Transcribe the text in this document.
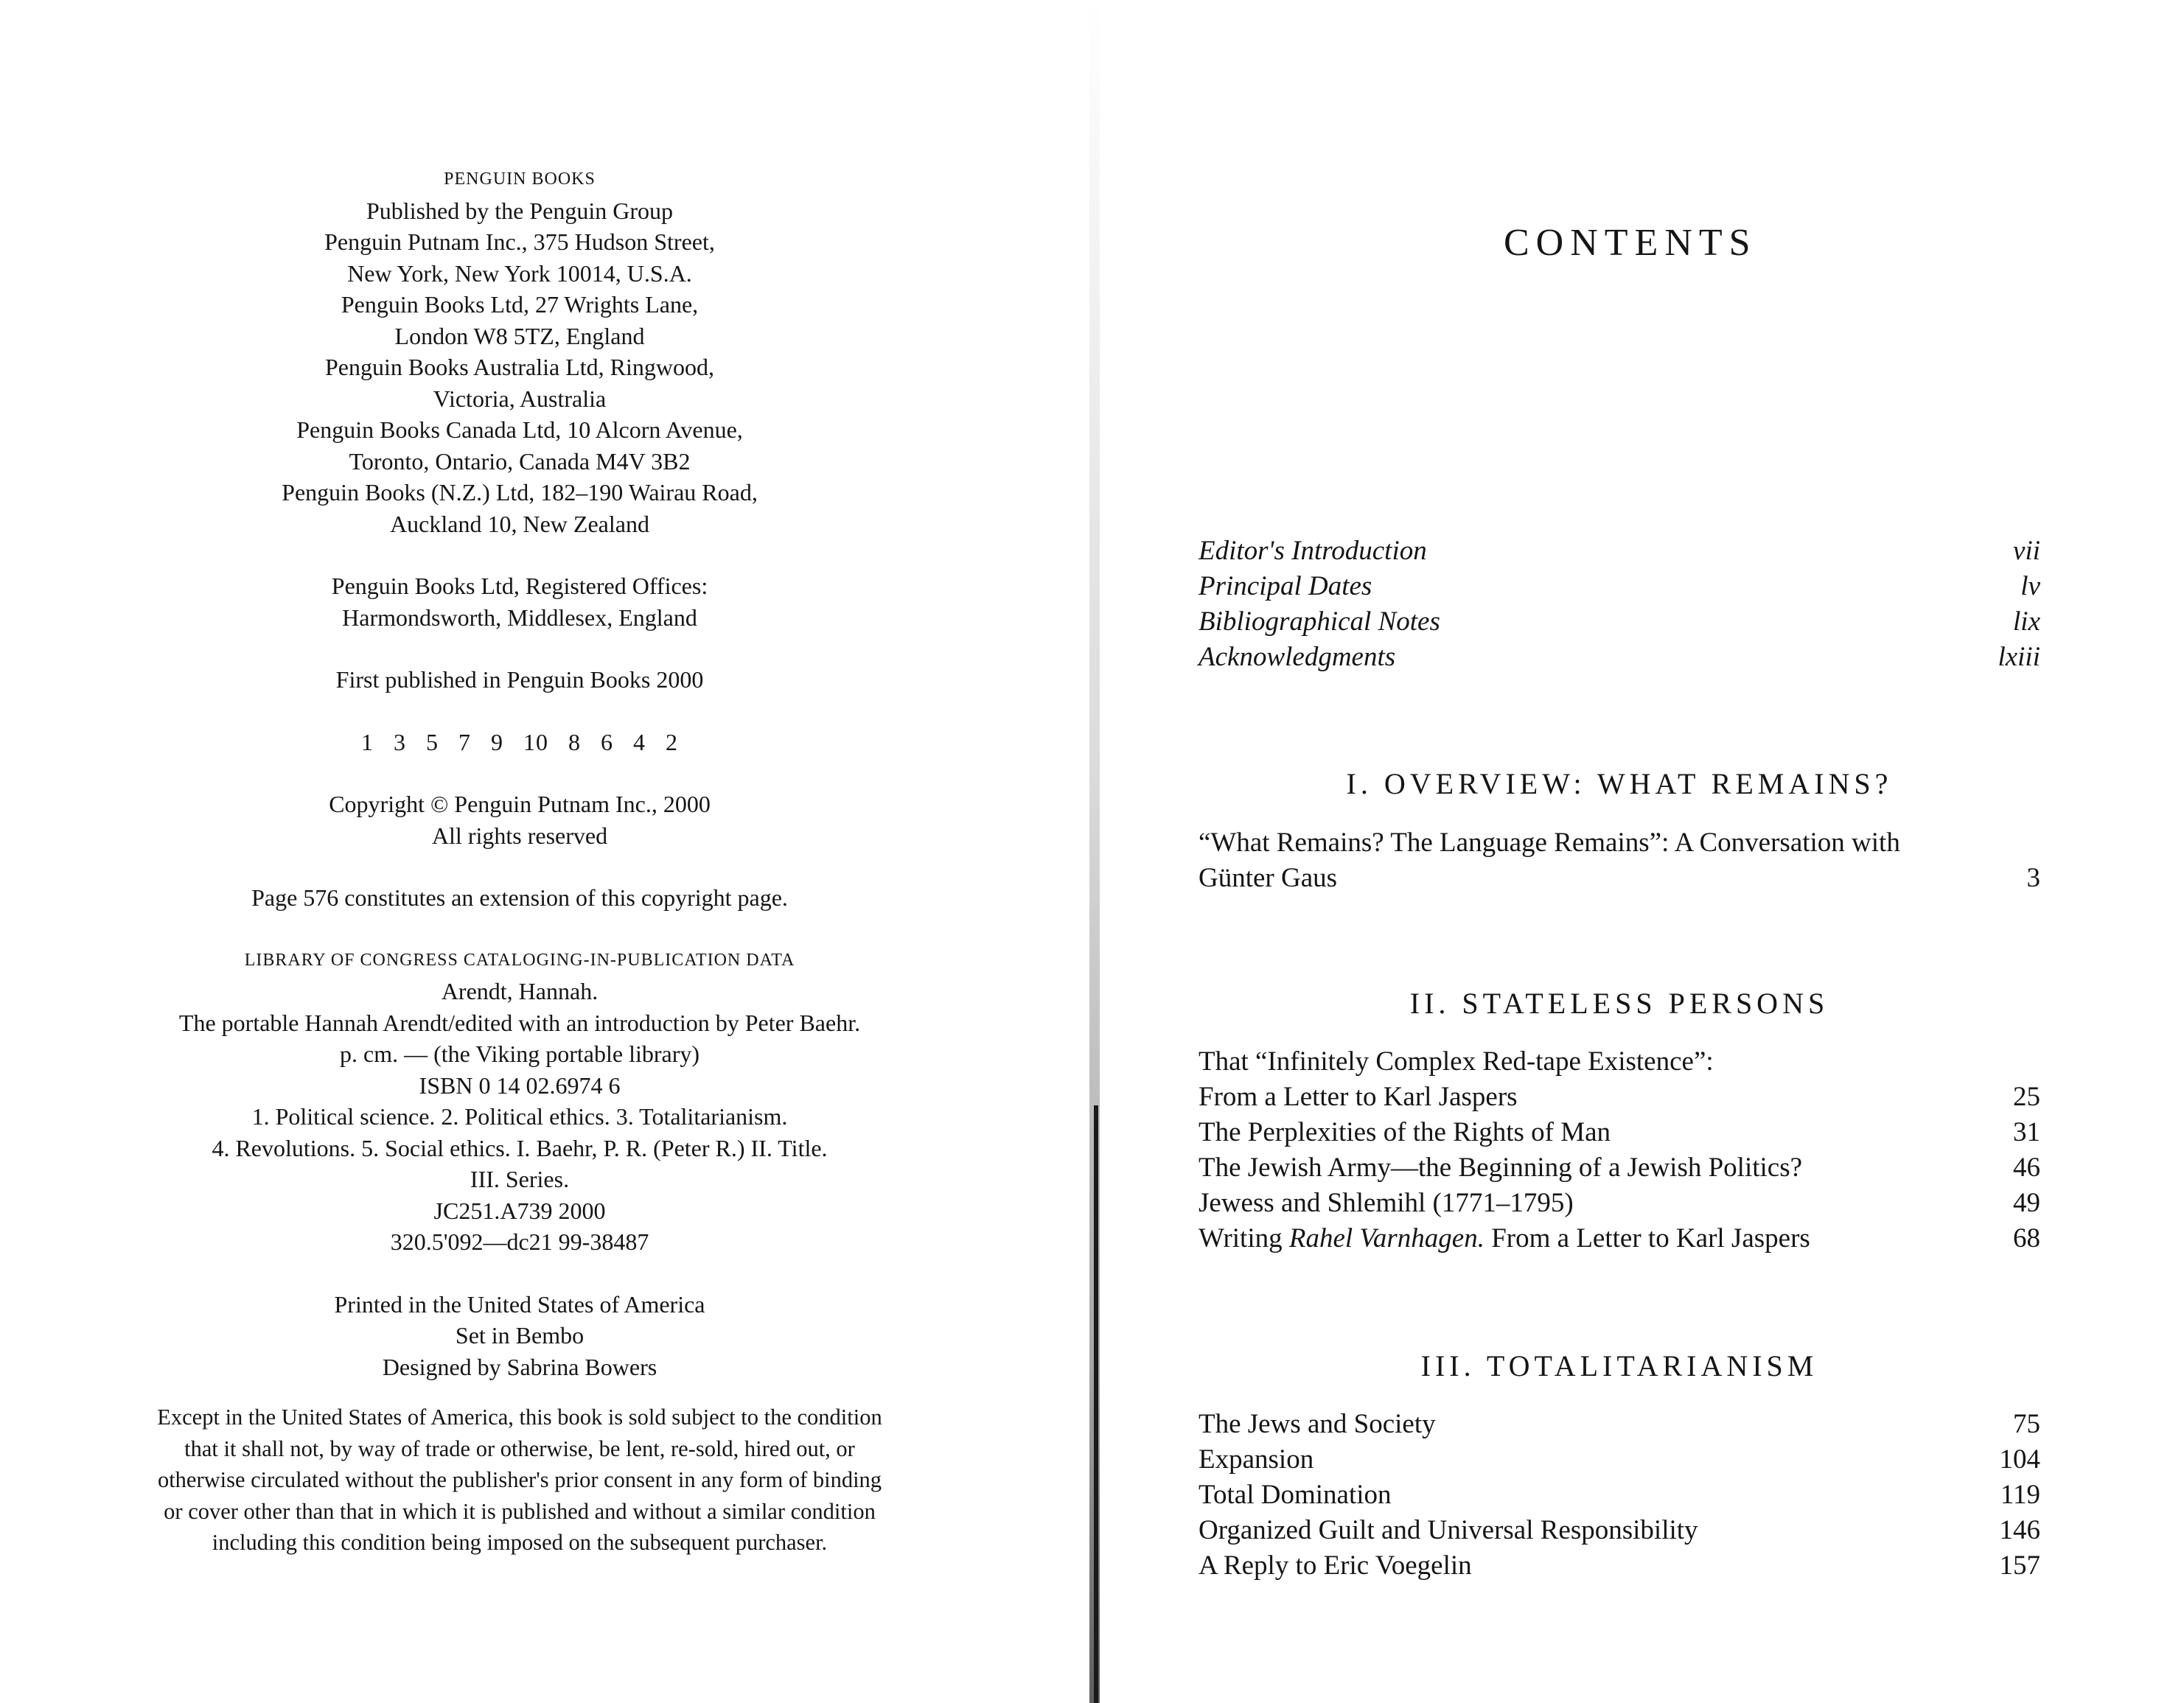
PENGUIN BOOKS
Published by the Penguin Group
Penguin Putnam Inc., 375 Hudson Street,
New York, New York 10014, U.S.A.
Penguin Books Ltd, 27 Wrights Lane,
London W8 5TZ, England
Penguin Books Australia Ltd, Ringwood,
Victoria, Australia
Penguin Books Canada Ltd, 10 Alcorn Avenue,
Toronto, Ontario, Canada M4V 3B2
Penguin Books (N.Z.) Ltd, 182–190 Wairau Road,
Auckland 10, New Zealand
Penguin Books Ltd, Registered Offices:
Harmondsworth, Middlesex, England
First published in Penguin Books 2000
1 3 5 7 9 10 8 6 4 2
Copyright © Penguin Putnam Inc., 2000
All rights reserved
Page 576 constitutes an extension of this copyright page.
LIBRARY OF CONGRESS CATALOGING-IN-PUBLICATION DATA
Arendt, Hannah.
The portable Hannah Arendt/edited with an introduction by Peter Baehr.
p. cm. — (the Viking portable library)
ISBN 0 14 02.6974 6
1. Political science. 2. Political ethics. 3. Totalitarianism.
4. Revolutions. 5. Social ethics. I. Baehr, P. R. (Peter R.) II. Title.
III. Series.
JC251.A739 2000
320.5'092—dc21 99-38487
Printed in the United States of America
Set in Bembo
Designed by Sabrina Bowers
Except in the United States of America, this book is sold subject to the condition that it shall not, by way of trade or otherwise, be lent, re-sold, hired out, or otherwise circulated without the publisher's prior consent in any form of binding or cover other than that in which it is published and without a similar condition including this condition being imposed on the subsequent purchaser.
CONTENTS
Editor's Introduction	vii
Principal Dates	lv
Bibliographical Notes	lix
Acknowledgments	lxiii
I. OVERVIEW: WHAT REMAINS?
“What Remains? The Language Remains”: A Conversation with
Günter Gaus	3
II. STATELESS PERSONS
That “Infinitely Complex Red-tape Existence”:
From a Letter to Karl Jaspers	25
The Perplexities of the Rights of Man	31
The Jewish Army—the Beginning of a Jewish Politics?	46
Jewess and Shlemihl (1771–1795)	49
Writing Rahel Varnhagen. From a Letter to Karl Jaspers	68
III. TOTALITARIANISM
The Jews and Society	75
Expansion	104
Total Domination	119
Organized Guilt and Universal Responsibility	146
A Reply to Eric Voegelin	157
